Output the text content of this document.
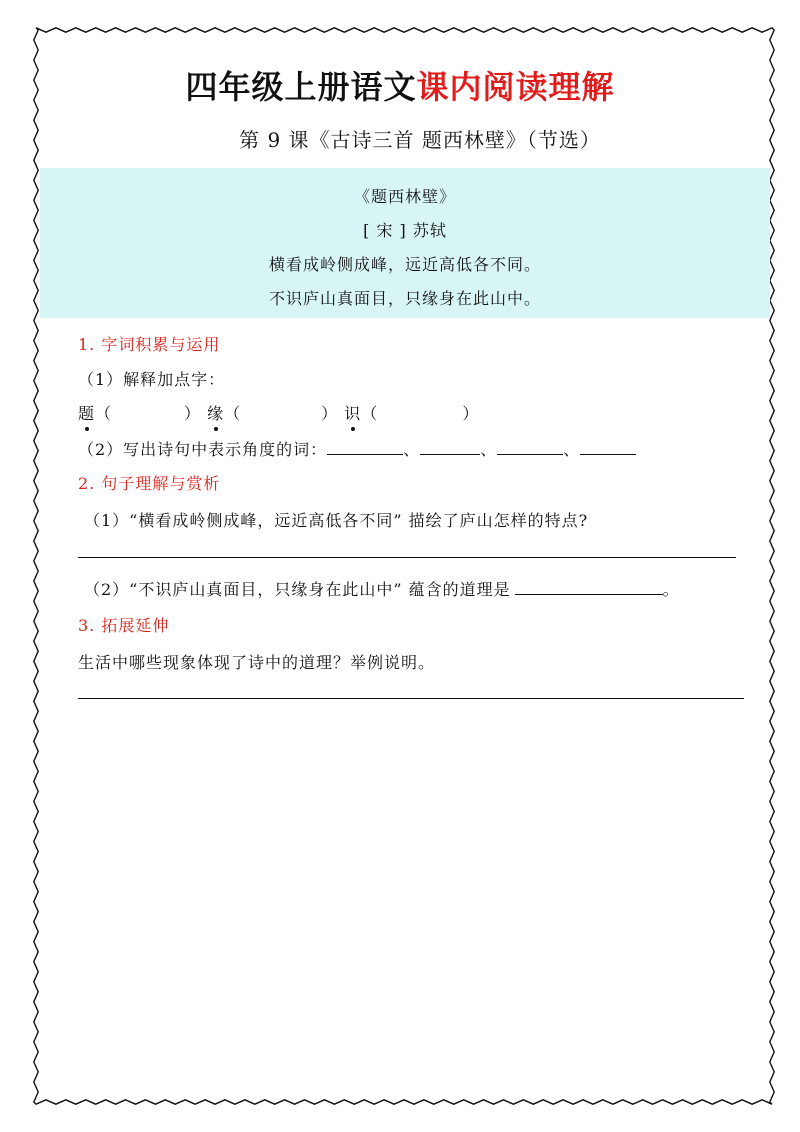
四年级上册语文课内阅读理解
第 9 课《古诗三首 题西林壁》（节选）
《题西林壁》
[ 宋 ] 苏轼
横看成岭侧成峰，远近高低各不同。
不识庐山真面目，只缘身在此山中。
1. 字词积累与运用
（1）解释加点字：
题（	） 缘（	） 识（	）
（2）写出诗句中表示角度的词：	、	、	、
2. 句子理解与赏析
（1）“横看成岭侧成峰，远近高低各不同” 描绘了庐山怎样的特点?
（2）“不识庐山真面目，只缘身在此山中” 蕴含的道理是	。
3. 拓展延伸
生活中哪些现象体现了诗中的道理？举例说明。
